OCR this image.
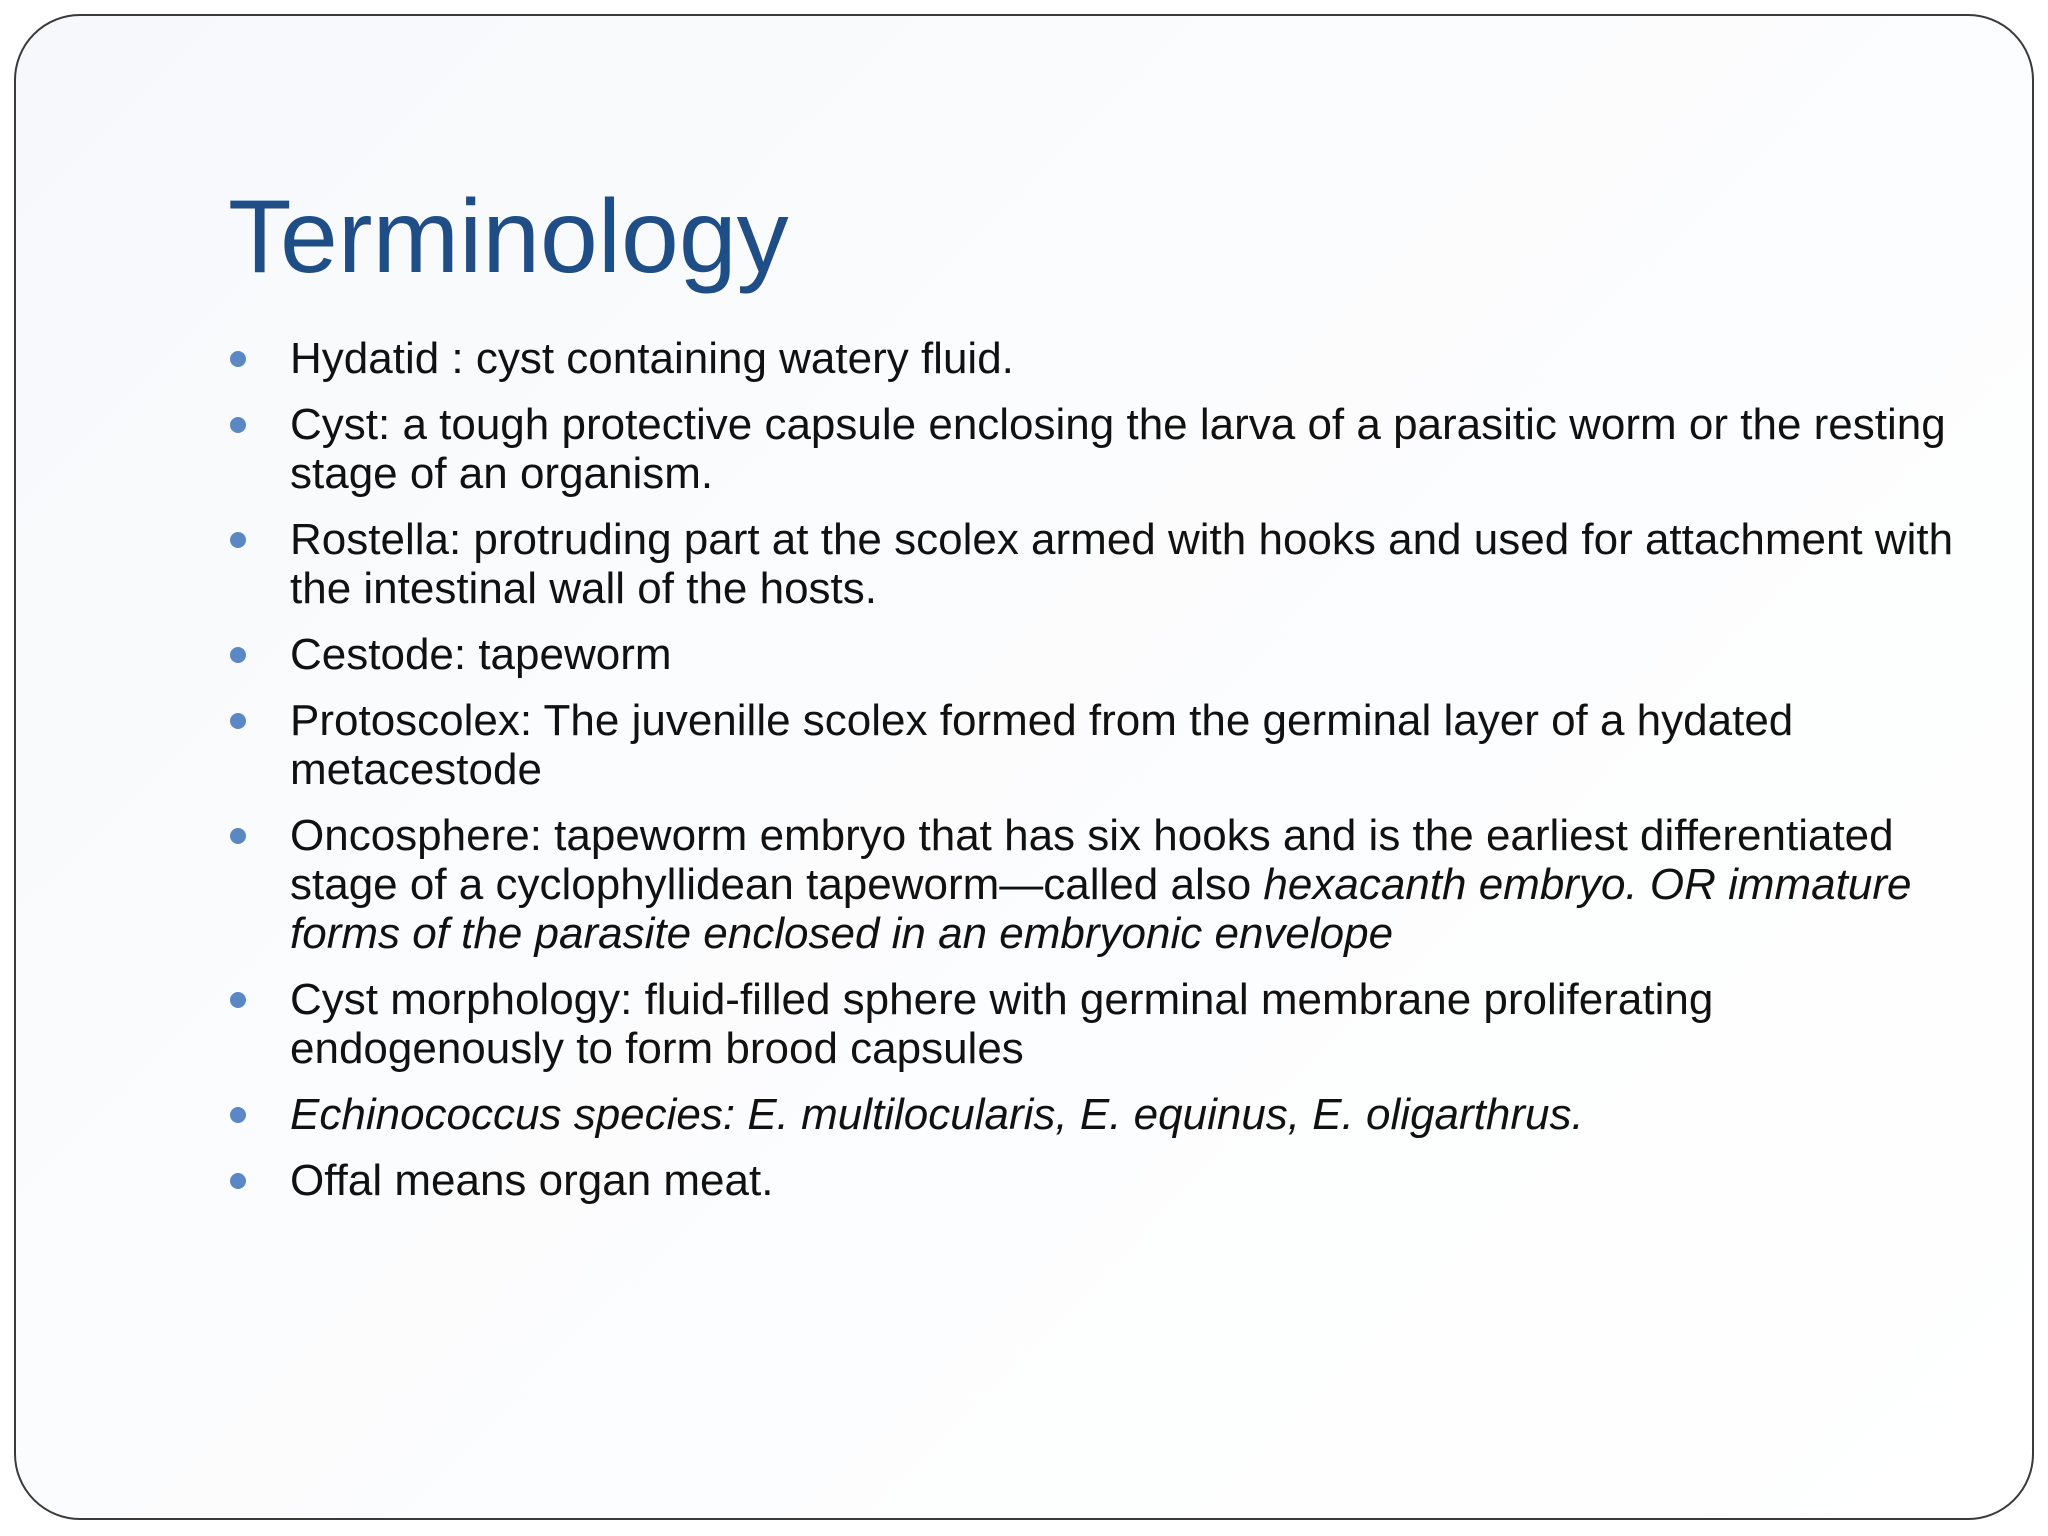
Terminology
Hydatid : cyst containing watery fluid.
Cyst: a tough protective capsule enclosing the larva of a parasitic worm or the resting stage of an organism.
Rostella: protruding part at the scolex armed with hooks and used for attachment with the intestinal wall of the hosts.
Cestode: tapeworm
Protoscolex: The juvenille scolex formed from the germinal layer of a hydated metacestode
Oncosphere: tapeworm embryo that has six hooks and is the earliest differentiated stage of a cyclophyllidean tapeworm—called also hexacanth embryo. OR immature forms of the parasite enclosed in an embryonic envelope
Cyst morphology: fluid-filled sphere with germinal membrane proliferating endogenously to form brood capsules
Echinococcus species: E. multilocularis, E. equinus, E. oligarthrus.
Offal means organ meat.
